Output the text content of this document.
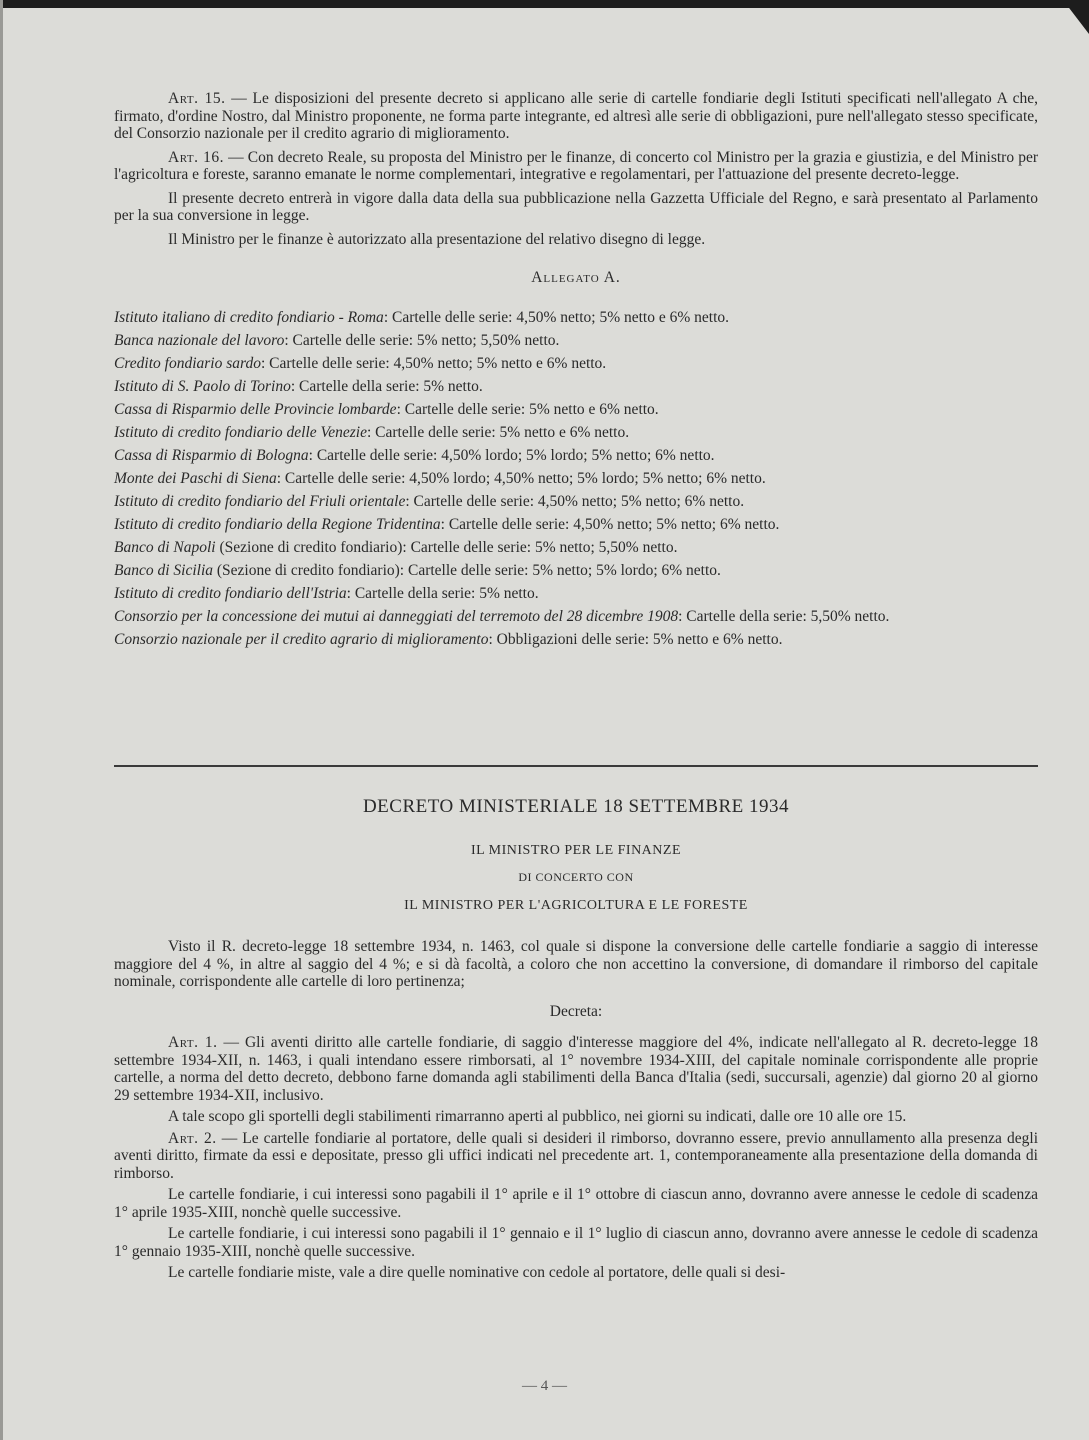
Art. 15. — Le disposizioni del presente decreto si applicano alle serie di cartelle fondiarie degli Istituti specificati nell'allegato A che, firmato, d'ordine Nostro, dal Ministro proponente, ne forma parte integrante, ed altresì alle serie di obbligazioni, pure nell'allegato stesso specificate, del Consorzio nazionale per il credito agrario di miglioramento.

Art. 16. — Con decreto Reale, su proposta del Ministro per le finanze, di concerto col Ministro per la grazia e giustizia, e del Ministro per l'agricoltura e foreste, saranno emanate le norme complementari, integrative e regolamentari, per l'attuazione del presente decreto-legge.

Il presente decreto entrerà in vigore dalla data della sua pubblicazione nella Gazzetta Ufficiale del Regno, e sarà presentato al Parlamento per la sua conversione in legge.

Il Ministro per le finanze è autorizzato alla presentazione del relativo disegno di legge.

Allegato A.

Istituto italiano di credito fondiario - Roma: Cartelle delle serie: 4,50% netto; 5% netto e 6% netto.

Banca nazionale del lavoro: Cartelle delle serie: 5% netto; 5,50% netto.

Credito fondiario sardo: Cartelle delle serie: 4,50% netto; 5% netto e 6% netto.

Istituto di S. Paolo di Torino: Cartelle della serie: 5% netto.

Cassa di Risparmio delle Provincie lombarde: Cartelle delle serie: 5% netto e 6% netto.

Istituto di credito fondiario delle Venezie: Cartelle delle serie: 5% netto e 6% netto.

Cassa di Risparmio di Bologna: Cartelle delle serie: 4,50% lordo; 5% lordo; 5% netto; 6% netto.

Monte dei Paschi di Siena: Cartelle delle serie: 4,50% lordo; 4,50% netto; 5% lordo; 5% netto; 6% netto.

Istituto di credito fondiario del Friuli orientale: Cartelle delle serie: 4,50% netto; 5% netto; 6% netto.

Istituto di credito fondiario della Regione Tridentina: Cartelle delle serie: 4,50% netto; 5% netto; 6% netto.

Banco di Napoli (Sezione di credito fondiario): Cartelle delle serie: 5% netto; 5,50% netto.

Banco di Sicilia (Sezione di credito fondiario): Cartelle delle serie: 5% netto; 5% lordo; 6% netto.

Istituto di credito fondiario dell'Istria: Cartelle della serie: 5% netto.

Consorzio per la concessione dei mutui ai danneggiati del terremoto del 28 dicembre 1908: Cartelle della serie: 5,50% netto.

Consorzio nazionale per il credito agrario di miglioramento: Obbligazioni delle serie: 5% netto e 6% netto.

DECRETO MINISTERIALE 18 SETTEMBRE 1934

IL MINISTRO PER LE FINANZE

DI CONCERTO CON

IL MINISTRO PER L'AGRICOLTURA E LE FORESTE

Visto il R. decreto-legge 18 settembre 1934, n. 1463, col quale si dispone la conversione delle cartelle fondiarie a saggio di interesse maggiore del 4 %, in altre al saggio del 4 %; e si dà facoltà, a coloro che non accettino la conversione, di domandare il rimborso del capitale nominale, corrispondente alle cartelle di loro pertinenza;

Decreta:

Art. 1. — Gli aventi diritto alle cartelle fondiarie, di saggio d'interesse maggiore del 4%, indicate nell'allegato al R. decreto-legge 18 settembre 1934-XII, n. 1463, i quali intendano essere rimborsati, al 1° novembre 1934-XIII, del capitale nominale corrispondente alle proprie cartelle, a norma del detto decreto, debbono farne domanda agli stabilimenti della Banca d'Italia (sedi, succursali, agenzie) dal giorno 20 al giorno 29 settembre 1934-XII, inclusivo.

A tale scopo gli sportelli degli stabilimenti rimarranno aperti al pubblico, nei giorni su indicati, dalle ore 10 alle ore 15.

Art. 2. — Le cartelle fondiarie al portatore, delle quali si desideri il rimborso, dovranno essere, previo annullamento alla presenza degli aventi diritto, firmate da essi e depositate, presso gli uffici indicati nel precedente art. 1, contemporaneamente alla presentazione della domanda di rimborso.

Le cartelle fondiarie, i cui interessi sono pagabili il 1° aprile e il 1° ottobre di ciascun anno, dovranno avere annesse le cedole di scadenza 1° aprile 1935-XIII, nonchè quelle successive.

Le cartelle fondiarie, i cui interessi sono pagabili il 1° gennaio e il 1° luglio di ciascun anno, dovranno avere annesse le cedole di scadenza 1° gennaio 1935-XIII, nonchè quelle successive.

Le cartelle fondiarie miste, vale a dire quelle nominative con cedole al portatore, delle quali si desi-

— 4 —
